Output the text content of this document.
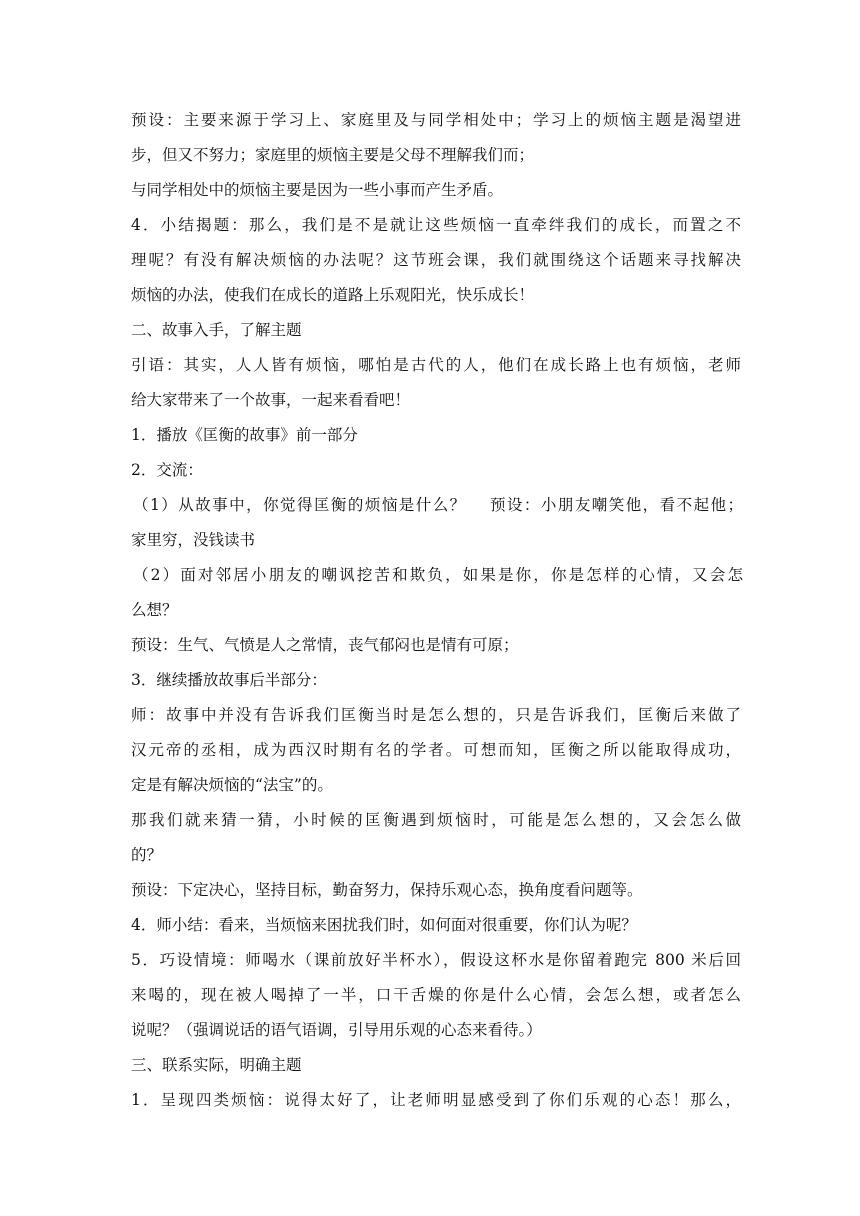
预设：主要来源于学习上、家庭里及与同学相处中；学习上的烦恼主题是渴望进
步，但又不努力；家庭里的烦恼主要是父母不理解我们而；
与同学相处中的烦恼主要是因为一些小事而产生矛盾。
4．小结揭题：那么，我们是不是就让这些烦恼一直牵绊我们的成长，而置之不
理呢？有没有解决烦恼的办法呢？这节班会课，我们就围绕这个话题来寻找解决
烦恼的办法，使我们在成长的道路上乐观阳光，快乐成长！
二、故事入手，了解主题
引语：其实，人人皆有烦恼，哪怕是古代的人，他们在成长路上也有烦恼，老师
给大家带来了一个故事，一起来看看吧！
1．播放《匡衡的故事》前一部分
2．交流：
（1）从故事中，你觉得匡衡的烦恼是什么？　 预设：小朋友嘲笑他，看不起他；
家里穷，没钱读书
（2）面对邻居小朋友的嘲讽挖苦和欺负，如果是你，你是怎样的心情，又会怎
么想？
预设：生气、气愤是人之常情，丧气郁闷也是情有可原；
3．继续播放故事后半部分：
师：故事中并没有告诉我们匡衡当时是怎么想的，只是告诉我们，匡衡后来做了
汉元帝的丞相，成为西汉时期有名的学者。可想而知，匡衡之所以能取得成功，
定是有解决烦恼的“法宝”的。
那我们就来猜一猜，小时候的匡衡遇到烦恼时，可能是怎么想的，又会怎么做
的？
预设：下定决心，坚持目标，勤奋努力，保持乐观心态，换角度看问题等。
4．师小结：看来，当烦恼来困扰我们时，如何面对很重要，你们认为呢？
5．巧设情境：师喝水（课前放好半杯水），假设这杯水是你留着跑完 800 米后回
来喝的，现在被人喝掉了一半，口干舌燥的你是什么心情，会怎么想，或者怎么
说呢？（强调说话的语气语调，引导用乐观的心态来看待。）
三、联系实际，明确主题
1．呈现四类烦恼：说得太好了，让老师明显感受到了你们乐观的心态！那么，
